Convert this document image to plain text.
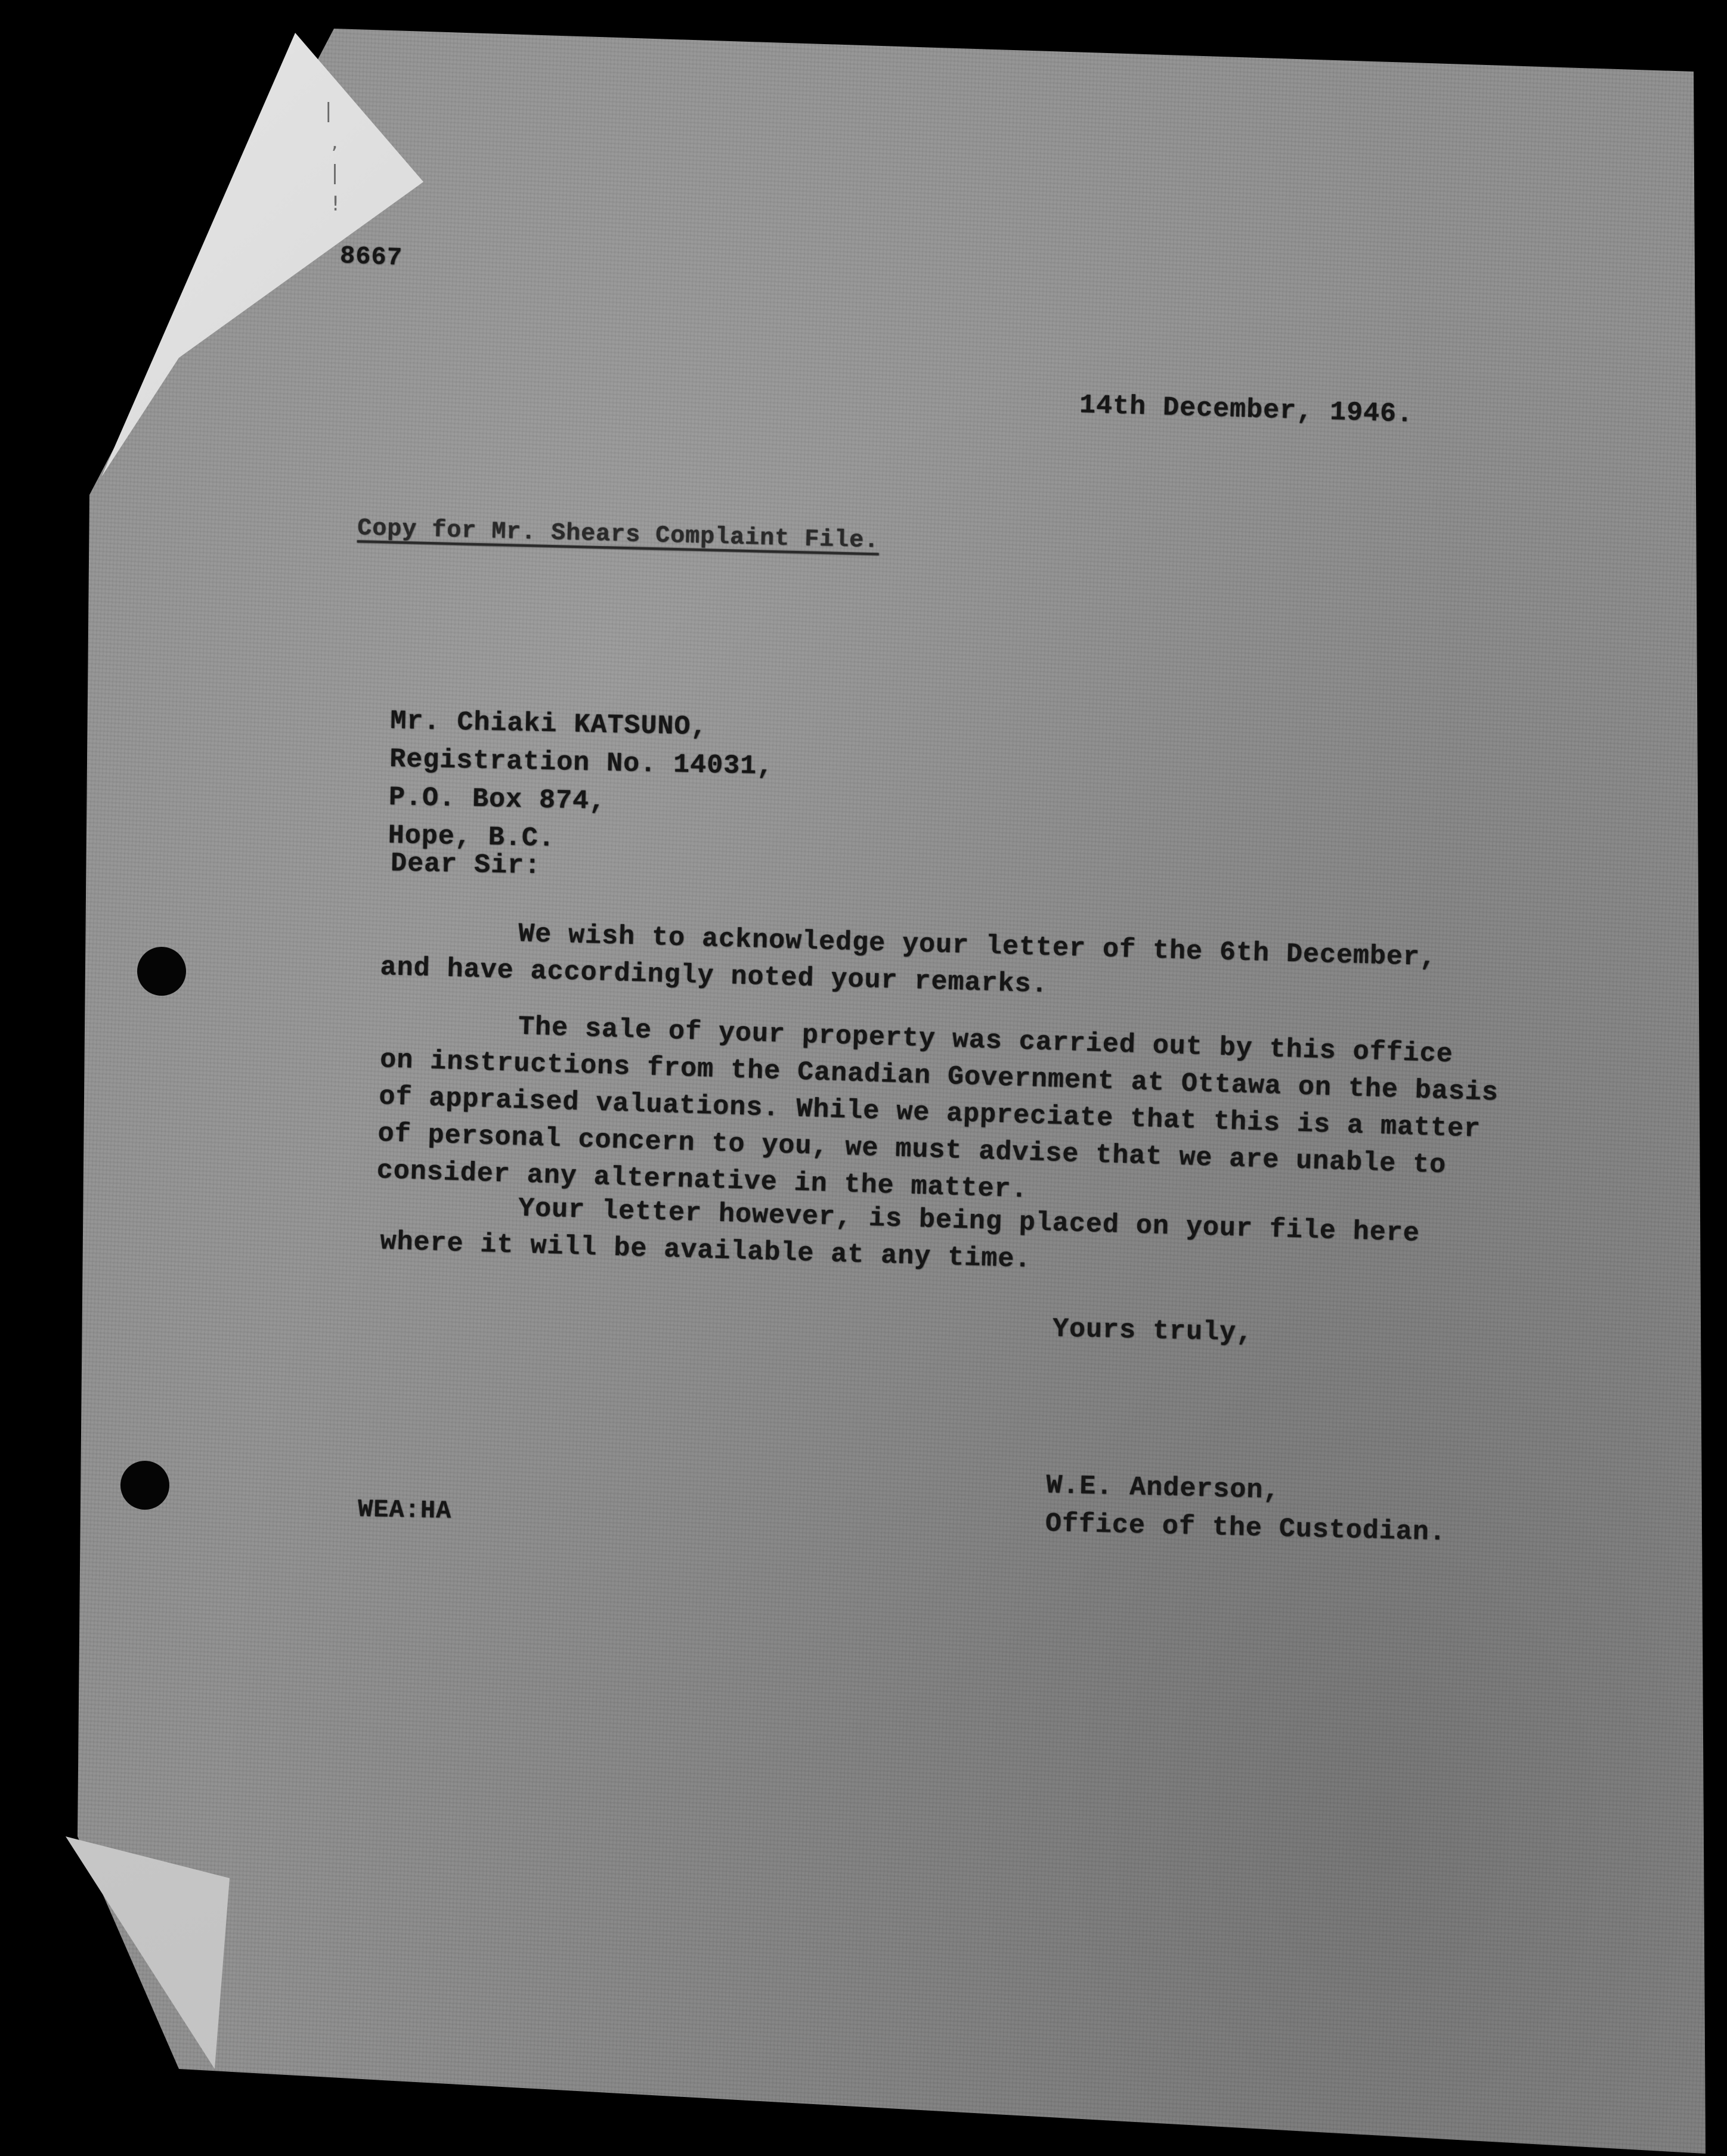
|
,
|
!
8667
14th December, 1946.
Copy for Mr. Shears Complaint File.
Mr. Chiaki KATSUNO,
Registration No. 14031,
P.O. Box 874,
Hope, B.C.
Dear Sir:
We wish to acknowledge your letter of the 6th December, and have accordingly noted your remarks.
The sale of your property was carried out by this office on instructions from the Canadian Government at Ottawa on the basis of appraised valuations. While we appreciate that this is a matter of personal concern to you, we must advise that we are unable to consider any alternative in the matter.
Your letter however, is being placed on your file here where it will be available at any time.
Yours truly,
W.E. Anderson,
Office of the Custodian.
WEA:HA
